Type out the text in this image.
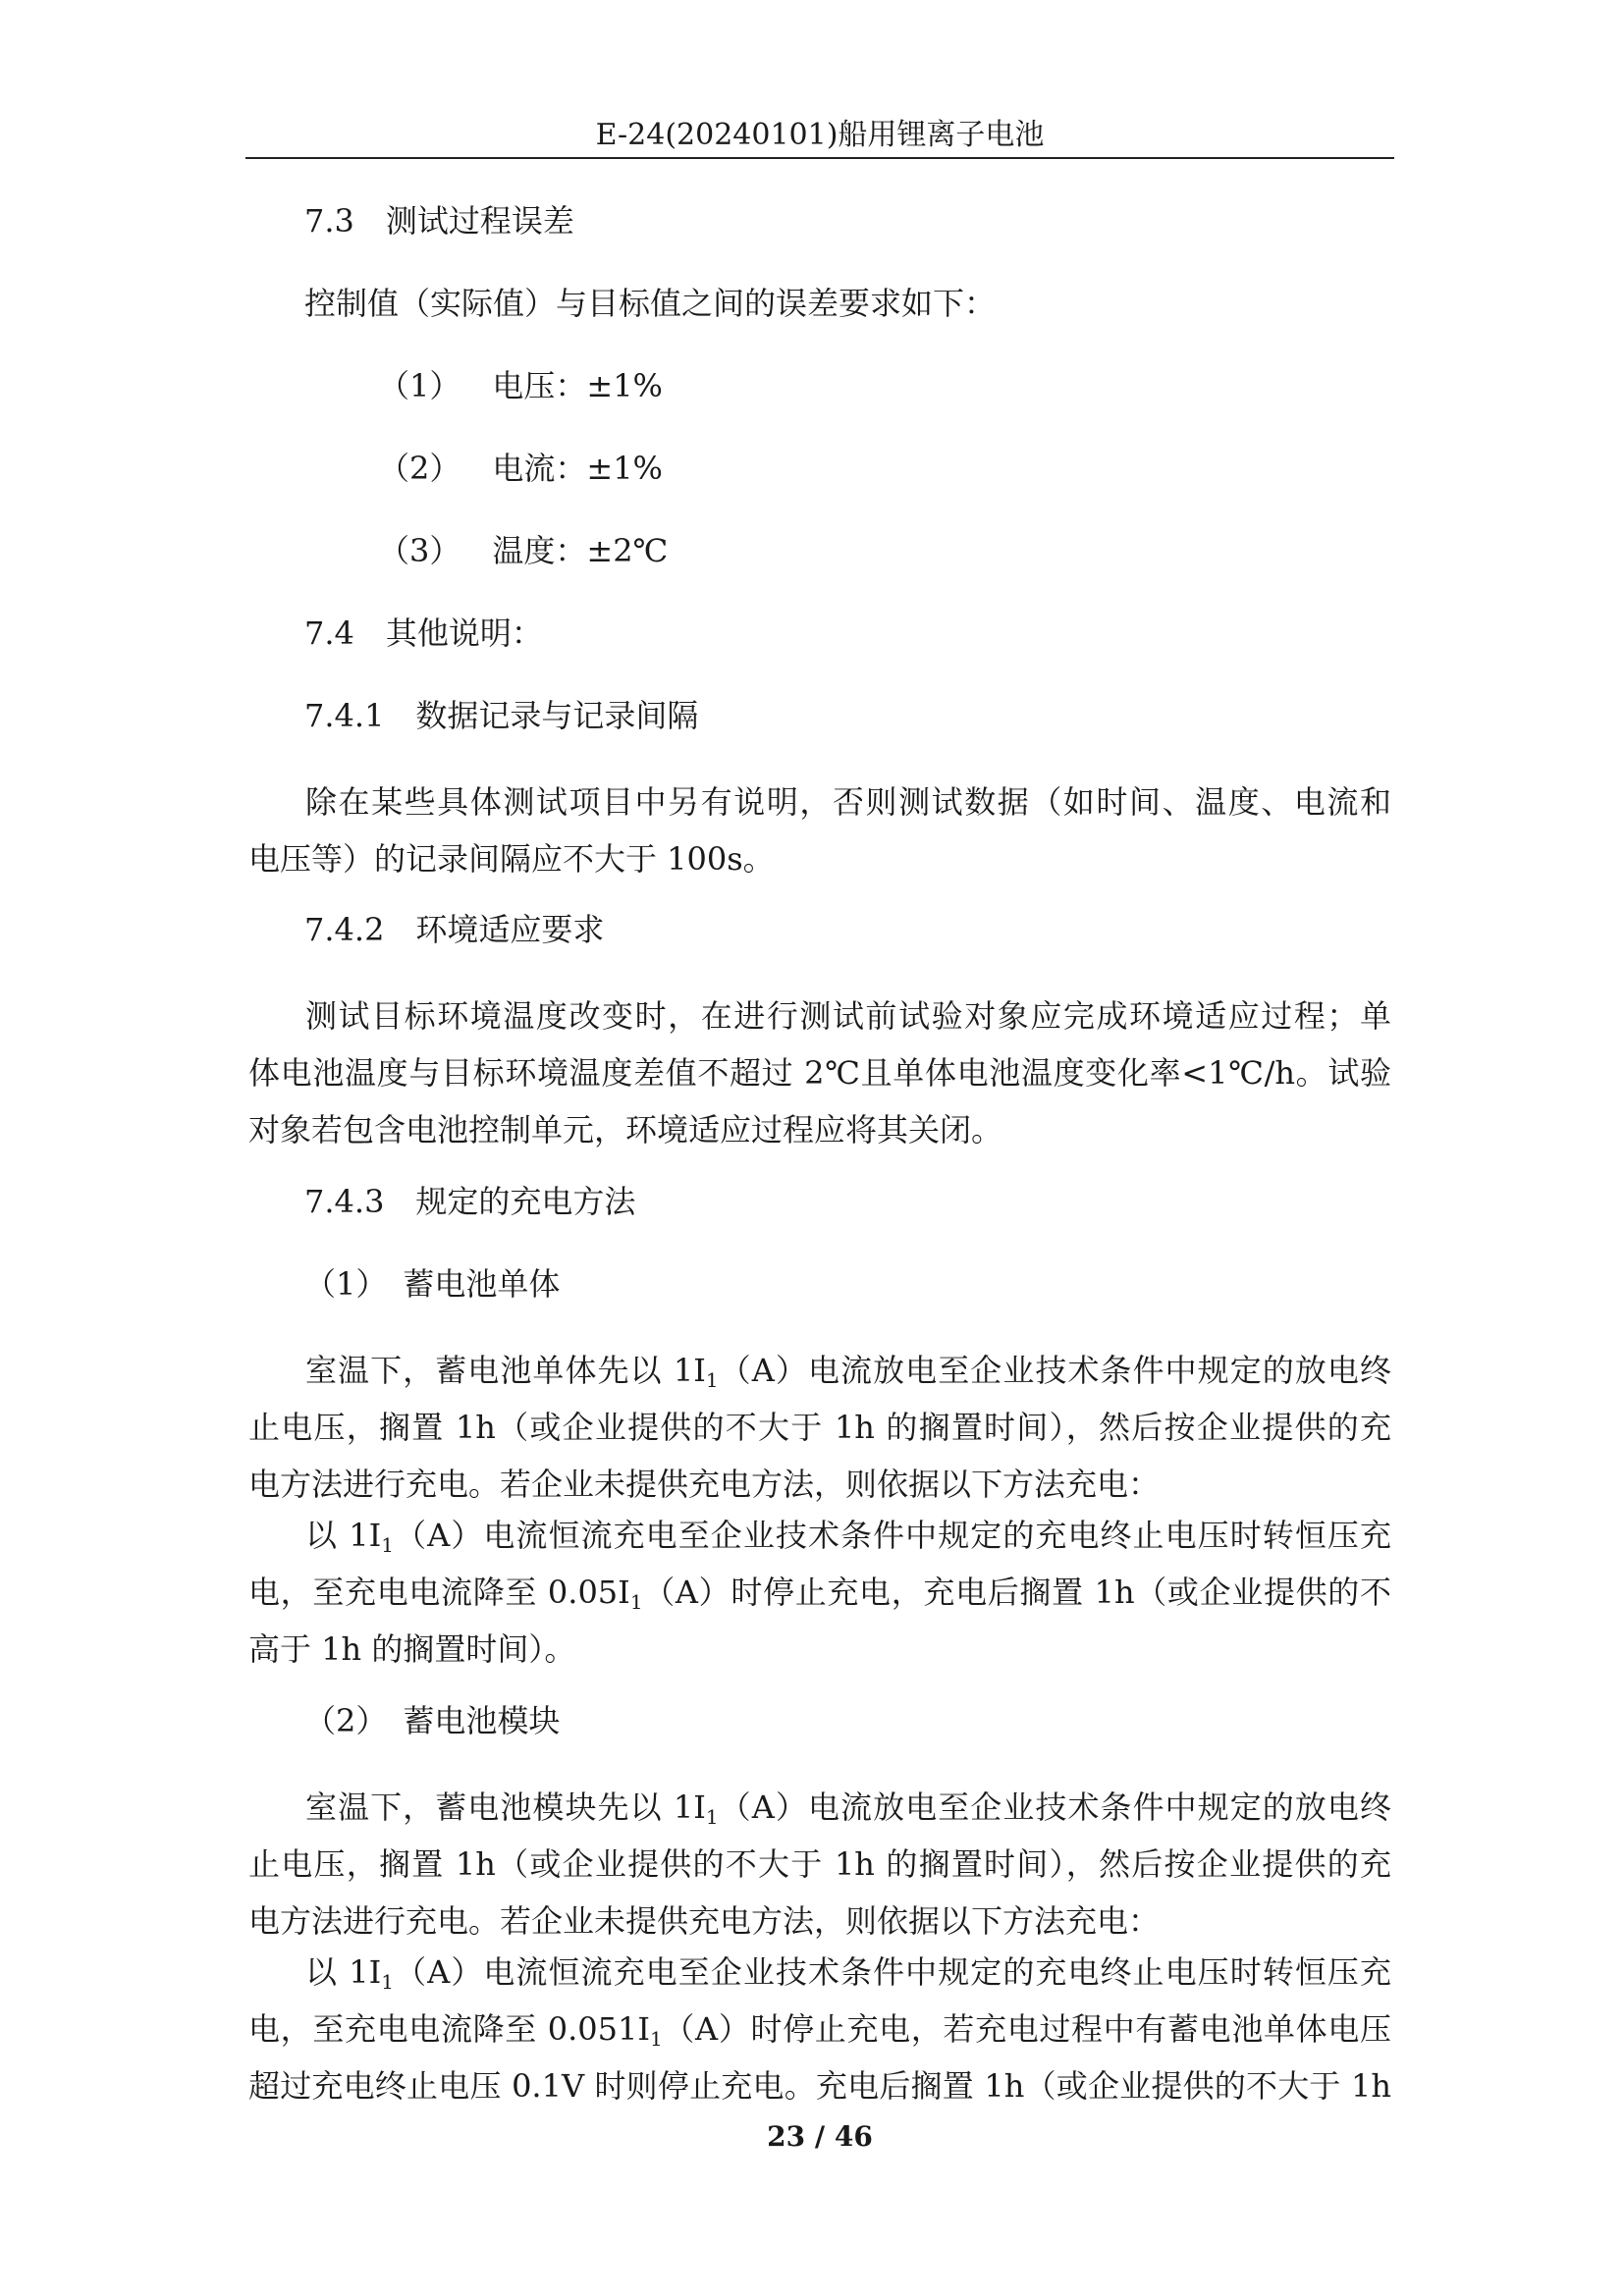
E-24(20240101)船用锂离子电池
7.3　测试过程误差
控制值（实际值）与目标值之间的误差要求如下：
（1） 电压：±1%
（2） 电流：±1%
（3） 温度：±2℃
7.4　其他说明：
7.4.1　数据记录与记录间隔
除在某些具体测试项目中另有说明，否则测试数据（如时间、温度、电流和
电压等）的记录间隔应不大于 100s。
7.4.2　环境适应要求
测试目标环境温度改变时，在进行测试前试验对象应完成环境适应过程；单
体电池温度与目标环境温度差值不超过 2℃且单体电池温度变化率<1℃/h。试验
对象若包含电池控制单元，环境适应过程应将其关闭。
7.4.3　规定的充电方法
（1）　蓄电池单体
室温下，蓄电池单体先以 $1I_1(A)$电流放电至企业技术条件中规定的放电终
止电压，搁置 1h（或企业提供的不大于 1h 的搁置时间），然后按企业提供的充
电方法进行充电。若企业未提供充电方法，则依据以下方法充电：
以 $1I_1(A)$电流恒流充电至企业技术条件中规定的充电终止电压时转恒压充
电，至充电电流降至 $0.05I_1(A)$时停止充电，充电后搁置 1h（或企业提供的不
高于 1h 的搁置时间）。
（2）　蓄电池模块
室温下，蓄电池模块先以 $1I_1(A)$电流放电至企业技术条件中规定的放电终
止电压，搁置 1h（或企业提供的不大于 1h 的搁置时间），然后按企业提供的充
电方法进行充电。若企业未提供充电方法，则依据以下方法充电：
以 $1I_1(A)$电流恒流充电至企业技术条件中规定的充电终止电压时转恒压充
电，至充电电流降至 $0.051I_1(A)$时停止充电，若充电过程中有蓄电池单体电压
超过充电终止电压 0.1V 时则停止充电。充电后搁置 1h（或企业提供的不大于 1h
23 / 46
